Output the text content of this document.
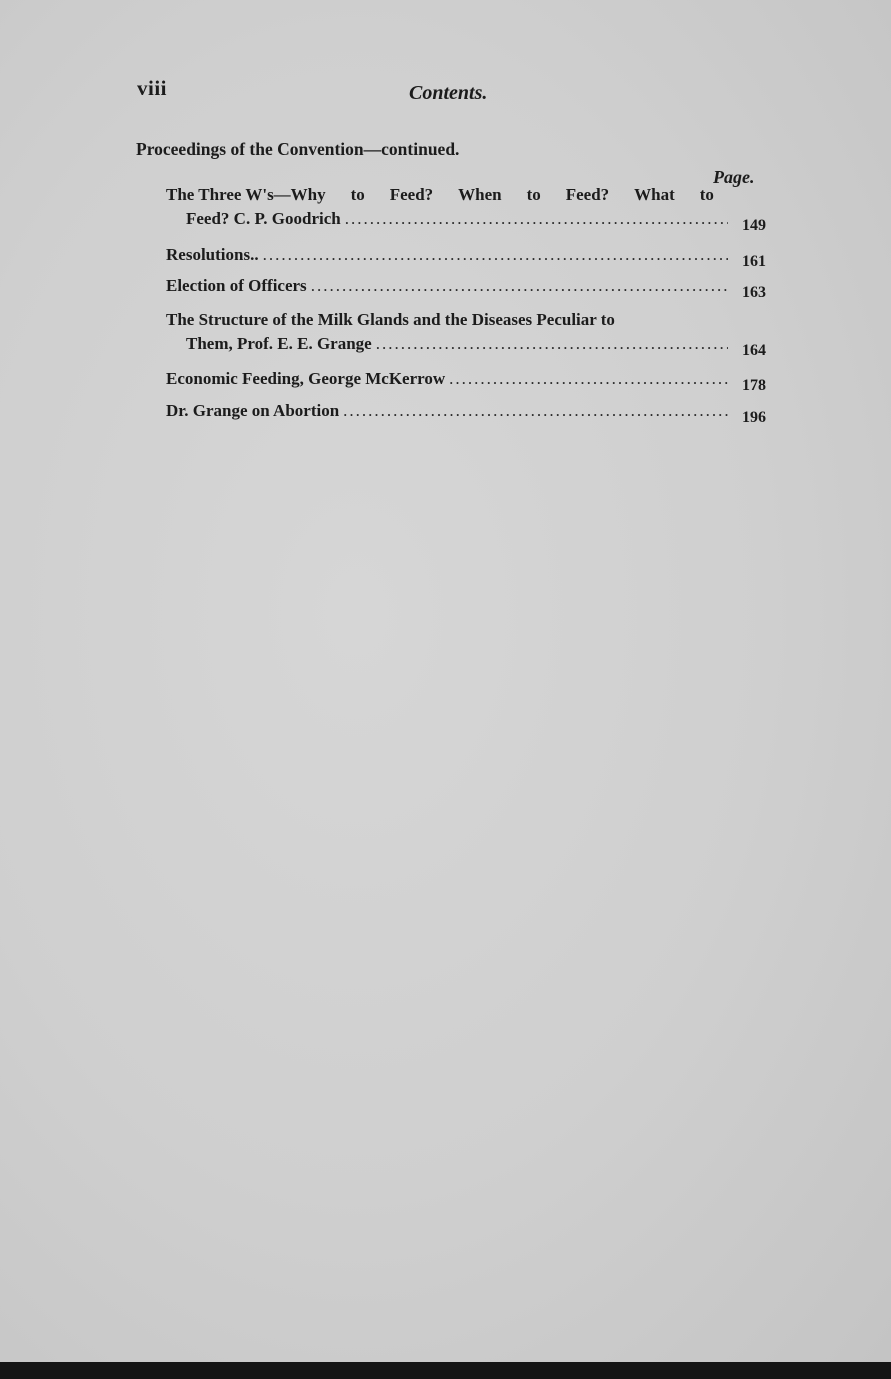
viii	Contents.
Proceedings of the Convention—continued.
Page.
The Three W's—Why to Feed? When to Feed? What to
Feed? C. P. Goodrich .....	149
Resolutions.. .....	161
Election of Officers .....	163
The Structure of the Milk Glands and the Diseases Peculiar to
Them, Prof. E. E. Grange .....	164
Economic Feeding, George McKerrow .....	178
Dr. Grange on Abortion .....	196
